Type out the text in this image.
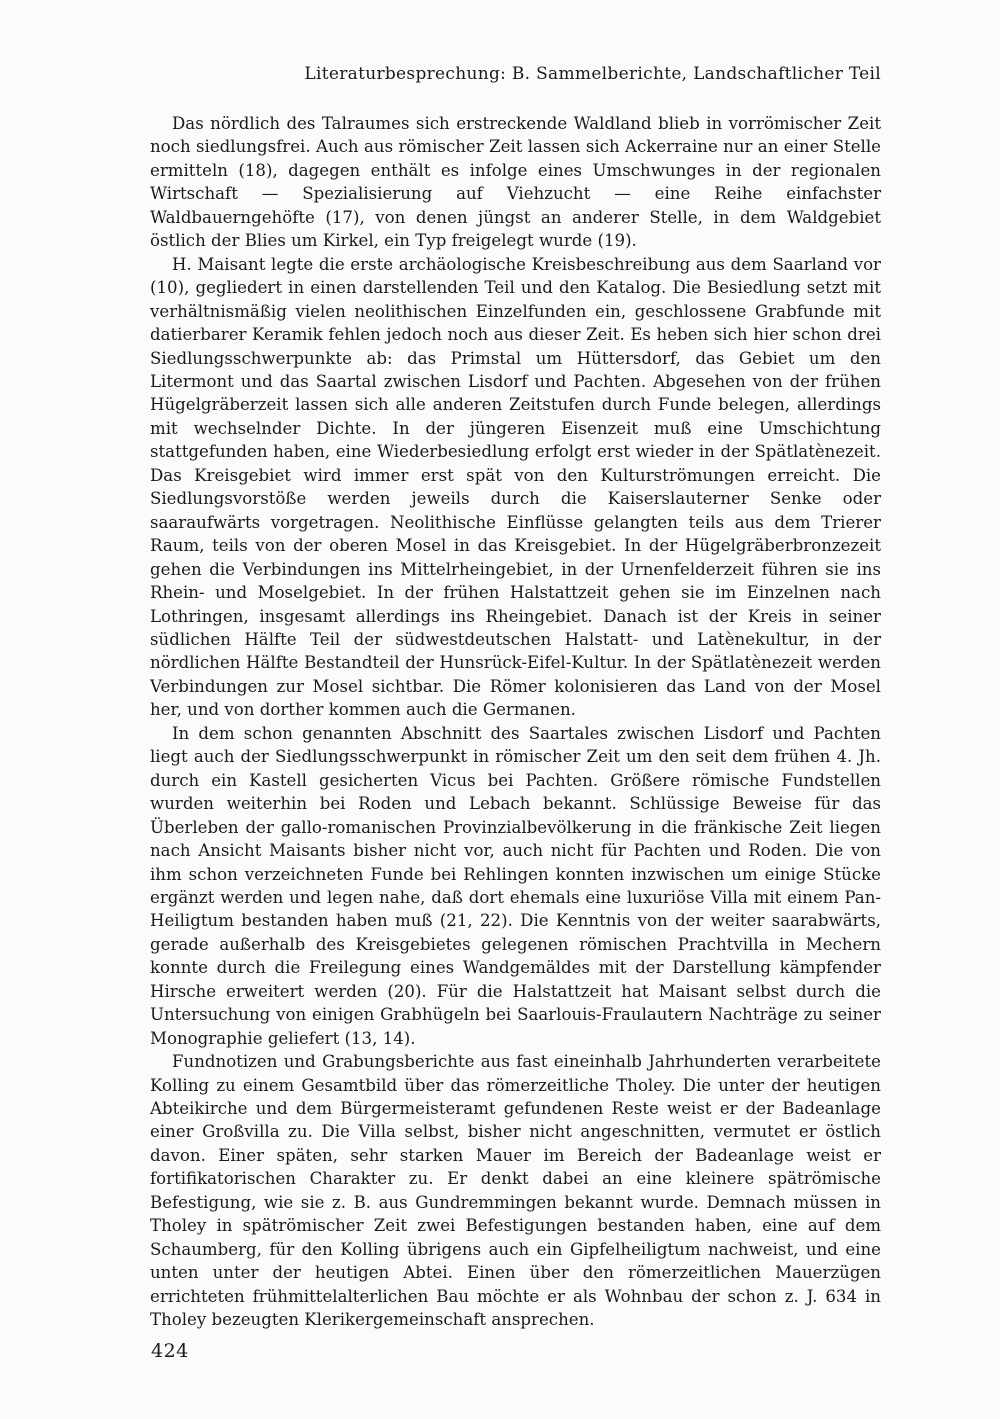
Literaturbesprechung: B. Sammelberichte, Landschaftlicher Teil

Das nördlich des Talraumes sich erstreckende Waldland blieb in vorrömischer Zeit noch siedlungsfrei. Auch aus römischer Zeit lassen sich Ackerraine nur an einer Stelle ermitteln (18), dagegen enthält es infolge eines Umschwunges in der regionalen Wirtschaft — Spezialisierung auf Viehzucht — eine Reihe einfachster Waldbauerngehöfte (17), von denen jüngst an anderer Stelle, in dem Waldgebiet östlich der Blies um Kirkel, ein Typ freigelegt wurde (19).

H. Maisant legte die erste archäologische Kreisbeschreibung aus dem Saarland vor (10), gegliedert in einen darstellenden Teil und den Katalog. Die Besiedlung setzt mit verhältnismäßig vielen neolithischen Einzelfunden ein, geschlossene Grabfunde mit datierbarer Keramik fehlen jedoch noch aus dieser Zeit. Es heben sich hier schon drei Siedlungsschwerpunkte ab: das Primstal um Hüttersdorf, das Gebiet um den Litermont und das Saartal zwischen Lisdorf und Pachten. Abgesehen von der frühen Hügelgräberzeit lassen sich alle anderen Zeitstufen durch Funde belegen, allerdings mit wechselnder Dichte. In der jüngeren Eisenzeit muß eine Umschichtung stattgefunden haben, eine Wiederbesiedlung erfolgt erst wieder in der Spätlatènezeit. Das Kreisgebiet wird immer erst spät von den Kulturströmungen erreicht. Die Siedlungsvorstöße werden jeweils durch die Kaiserslauterner Senke oder saaraufwärts vorgetragen. Neolithische Einflüsse gelangten teils aus dem Trierer Raum, teils von der oberen Mosel in das Kreisgebiet. In der Hügelgräberbronzezeit gehen die Verbindungen ins Mittelrheingebiet, in der Urnenfelderzeit führen sie ins Rhein- und Moselgebiet. In der frühen Halstattzeit gehen sie im Einzelnen nach Lothringen, insgesamt allerdings ins Rheingebiet. Danach ist der Kreis in seiner südlichen Hälfte Teil der südwestdeutschen Halstatt- und Latènekultur, in der nördlichen Hälfte Bestandteil der Hunsrück-Eifel-Kultur. In der Spätlatènezeit werden Verbindungen zur Mosel sichtbar. Die Römer kolonisieren das Land von der Mosel her, und von dorther kommen auch die Germanen.

In dem schon genannten Abschnitt des Saartales zwischen Lisdorf und Pachten liegt auch der Siedlungsschwerpunkt in römischer Zeit um den seit dem frühen 4. Jh. durch ein Kastell gesicherten Vicus bei Pachten. Größere römische Fundstellen wurden weiterhin bei Roden und Lebach bekannt. Schlüssige Beweise für das Überleben der gallo-romanischen Provinzialbevölkerung in die fränkische Zeit liegen nach Ansicht Maisants bisher nicht vor, auch nicht für Pachten und Roden. Die von ihm schon verzeichneten Funde bei Rehlingen konnten inzwischen um einige Stücke ergänzt werden und legen nahe, daß dort ehemals eine luxuriöse Villa mit einem Pan-Heiligtum bestanden haben muß (21, 22). Die Kenntnis von der weiter saarabwärts, gerade außerhalb des Kreisgebietes gelegenen römischen Prachtvilla in Mechern konnte durch die Freilegung eines Wandgemäldes mit der Darstellung kämpfender Hirsche erweitert werden (20). Für die Halstattzeit hat Maisant selbst durch die Untersuchung von einigen Grabhügeln bei Saarlouis-Fraulautern Nachträge zu seiner Monographie geliefert (13, 14).

Fundnotizen und Grabungsberichte aus fast eineinhalb Jahrhunderten verarbeitete Kolling zu einem Gesamtbild über das römerzeitliche Tholey. Die unter der heutigen Abteikirche und dem Bürgermeisteramt gefundenen Reste weist er der Badeanlage einer Großvilla zu. Die Villa selbst, bisher nicht angeschnitten, vermutet er östlich davon. Einer späten, sehr starken Mauer im Bereich der Badeanlage weist er fortifikatorischen Charakter zu. Er denkt dabei an eine kleinere spätrömische Befestigung, wie sie z. B. aus Gundremmingen bekannt wurde. Demnach müssen in Tholey in spätrömischer Zeit zwei Befestigungen bestanden haben, eine auf dem Schaumberg, für den Kolling übrigens auch ein Gipfelheiligtum nachweist, und eine unten unter der heutigen Abtei. Einen über den römerzeitlichen Mauerzügen errichteten frühmittelalterlichen Bau möchte er als Wohnbau der schon z. J. 634 in Tholey bezeugten Klerikergemeinschaft ansprechen.

424
